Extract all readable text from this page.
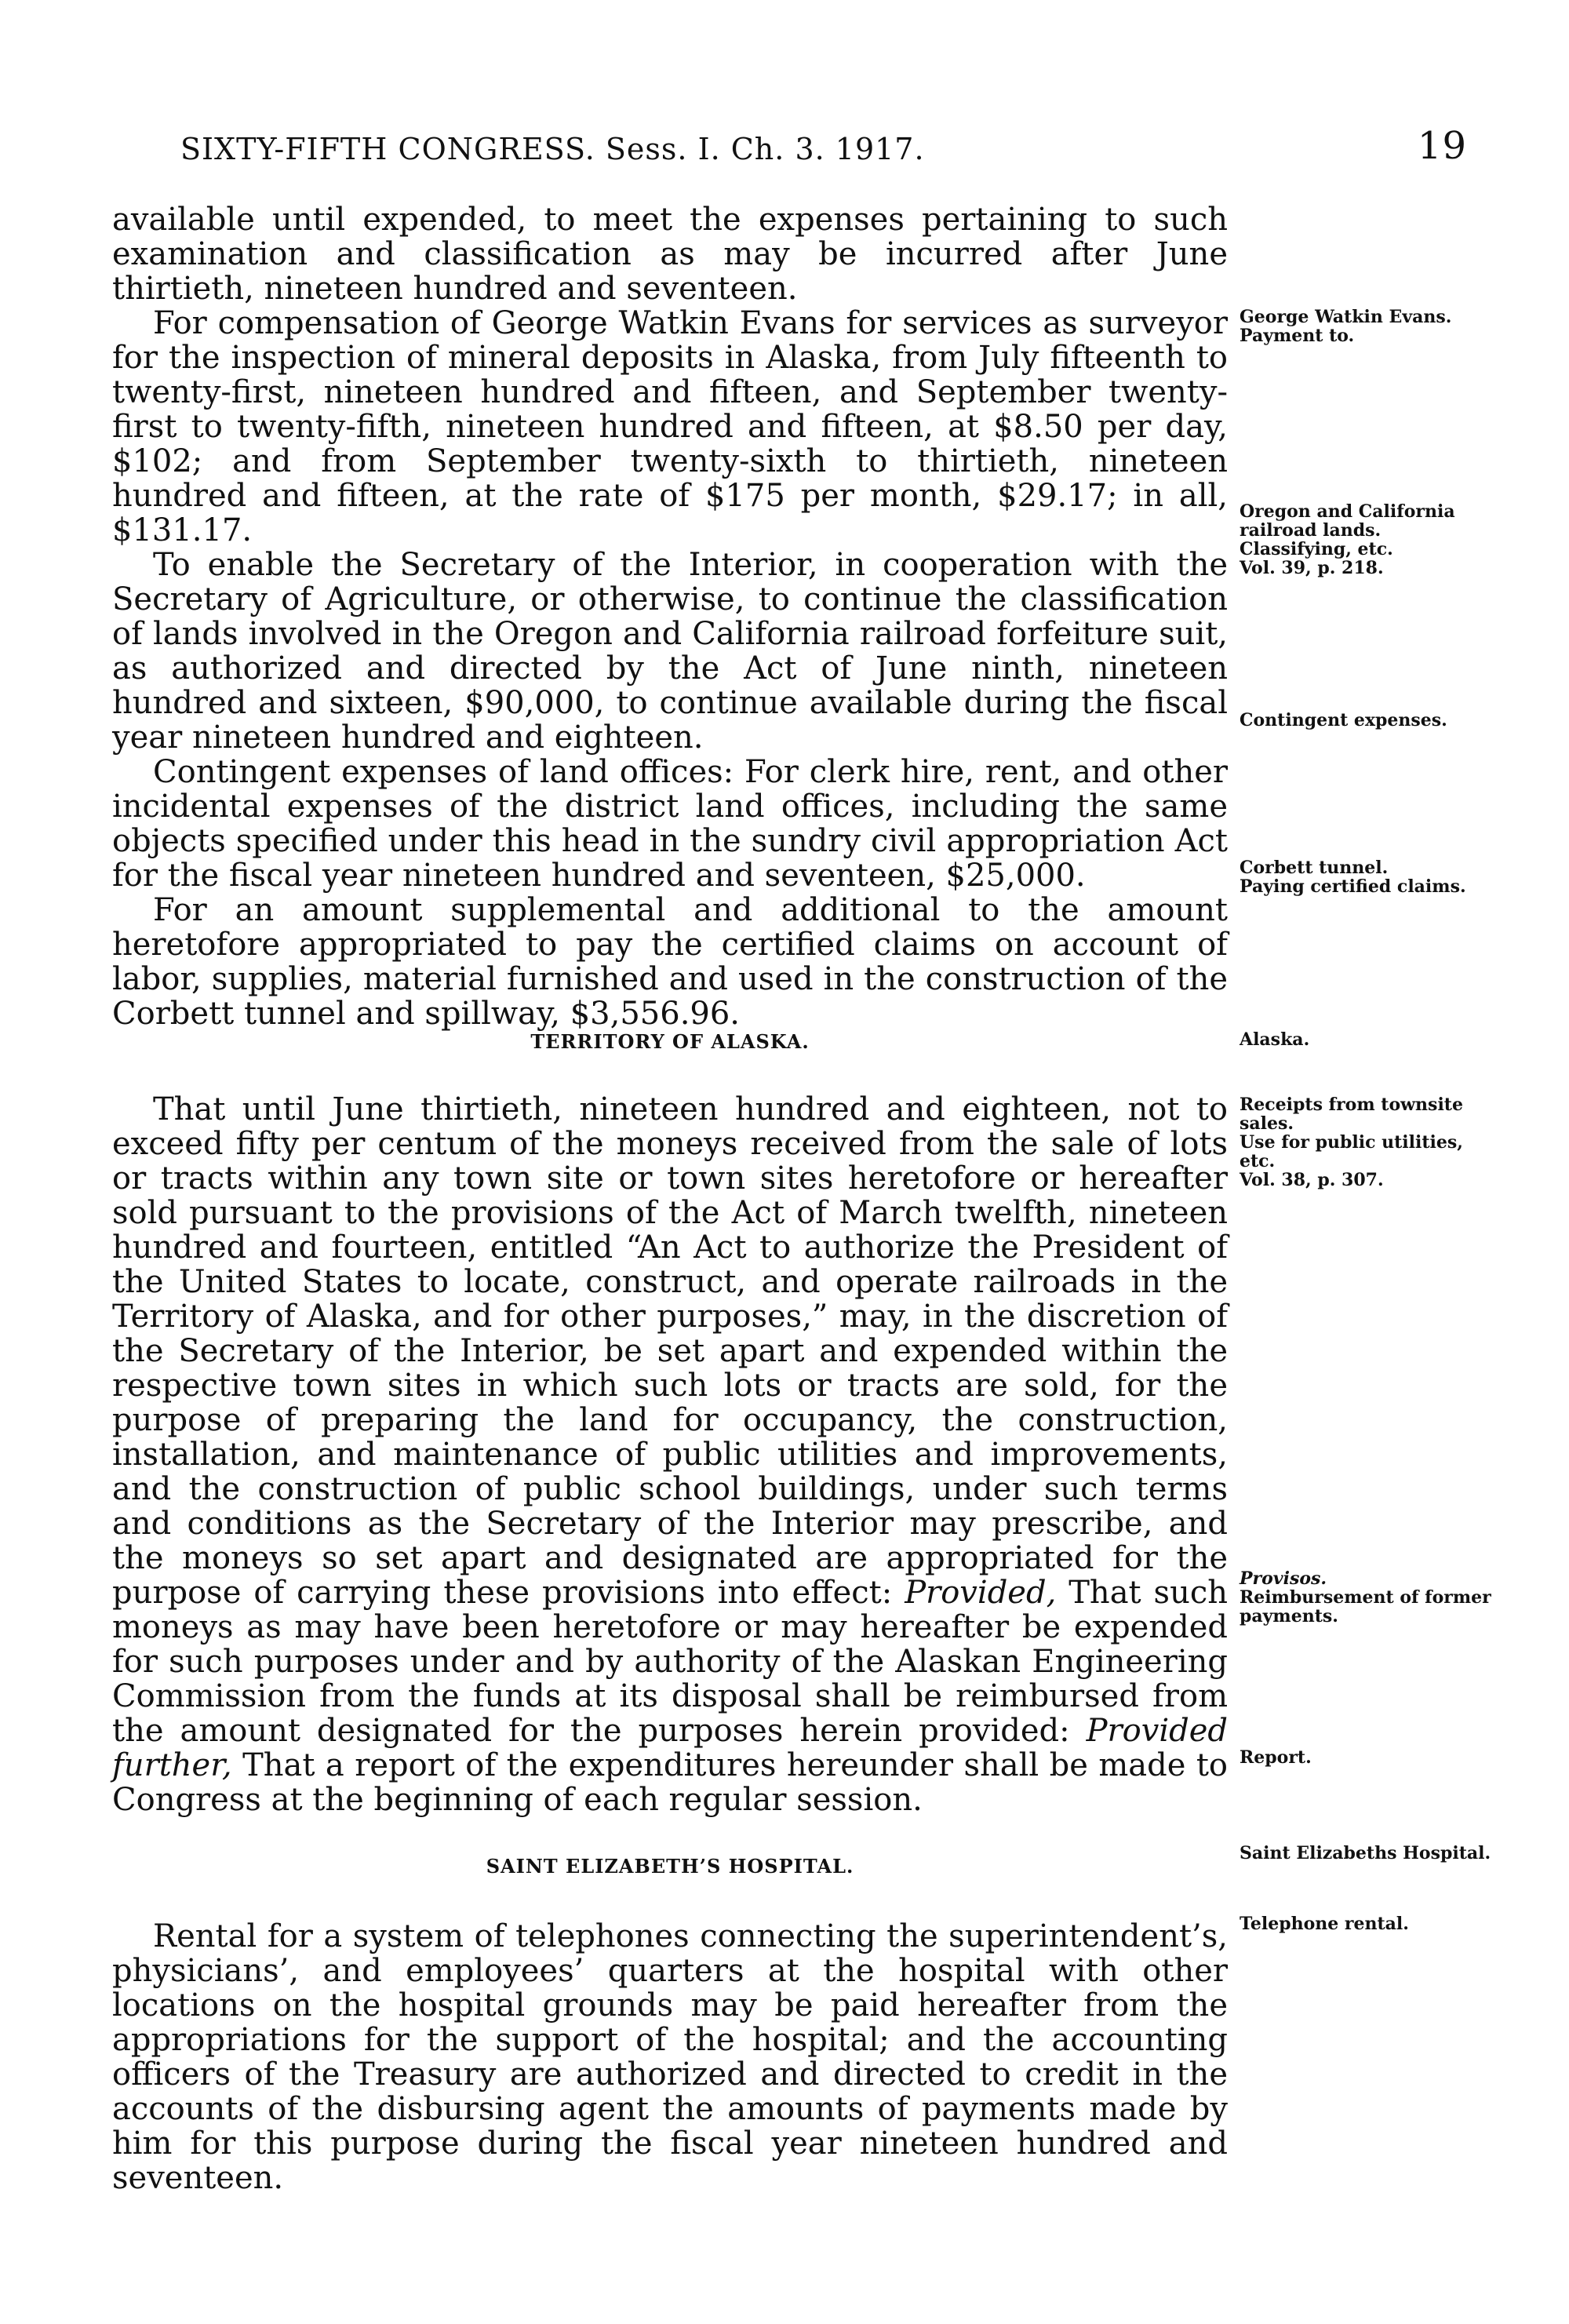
SIXTY-FIFTH CONGRESS. Sess. I. Ch. 3. 1917.	19

available until expended, to meet the expenses pertaining to such examination and classification as may be incurred after June thirtieth, nineteen hundred and seventeen.

For compensation of George Watkin Evans for services as surveyor for the inspection of mineral deposits in Alaska, from July fifteenth to twenty-first, nineteen hundred and fifteen, and September twenty-first to twenty-fifth, nineteen hundred and fifteen, at $8.50 per day, $102; and from September twenty-sixth to thirtieth, nineteen hundred and fifteen, at the rate of $175 per month, $29.17; in all, $131.17.

To enable the Secretary of the Interior, in cooperation with the Secretary of Agriculture, or otherwise, to continue the classification of lands involved in the Oregon and California railroad forfeiture suit, as authorized and directed by the Act of June ninth, nineteen hundred and sixteen, $90,000, to continue available during the fiscal year nineteen hundred and eighteen.

Contingent expenses of land offices: For clerk hire, rent, and other incidental expenses of the district land offices, including the same objects specified under this head in the sundry civil appropriation Act for the fiscal year nineteen hundred and seventeen, $25,000.

For an amount supplemental and additional to the amount heretofore appropriated to pay the certified claims on account of labor, supplies, material furnished and used in the construction of the Corbett tunnel and spillway, $3,556.96.

George Watkin Evans.
Payment to.
Oregon and California railroad lands.
Classifying, etc.
Vol. 39, p. 218.
Contingent expenses.
Corbett tunnel.
Paying certified claims.
TERRITORY OF ALASKA.	Alaska.

That until June thirtieth, nineteen hundred and eighteen, not to exceed fifty per centum of the moneys received from the sale of lots or tracts within any town site or town sites heretofore or hereafter sold pursuant to the provisions of the Act of March twelfth, nineteen hundred and fourteen, entitled “An Act to authorize the President of the United States to locate, construct, and operate railroads in the Territory of Alaska, and for other purposes,” may, in the discretion of the Secretary of the Interior, be set apart and expended within the respective town sites in which such lots or tracts are sold, for the purpose of preparing the land for occupancy, the construction, installation, and maintenance of public utilities and improvements, and the construction of public school buildings, under such terms and conditions as the Secretary of the Interior may prescribe, and the moneys so set apart and designated are appropriated for the purpose of carrying these provisions into effect: Provided, That such moneys as may have been heretofore or may hereafter be expended for such purposes under and by authority of the Alaskan Engineering Commission from the funds at its disposal shall be reimbursed from the amount designated for the purposes herein provided: Provided further, That a report of the expenditures hereunder shall be made to Congress at the beginning of each regular session.

Receipts from townsite sales.
Use for public utilities, etc.
Vol. 38, p. 307.
Provisos.
Reimbursement of former payments.
Report.
SAINT ELIZABETH’S HOSPITAL.
Saint Elizabeths Hospital.
Telephone rental.

Rental for a system of telephones connecting the superintendent’s, physicians’, and employees’ quarters at the hospital with other locations on the hospital grounds may be paid hereafter from the appropriations for the support of the hospital; and the accounting officers of the Treasury are authorized and directed to credit in the accounts of the disbursing agent the amounts of payments made by him for this purpose during the fiscal year nineteen hundred and seventeen.
